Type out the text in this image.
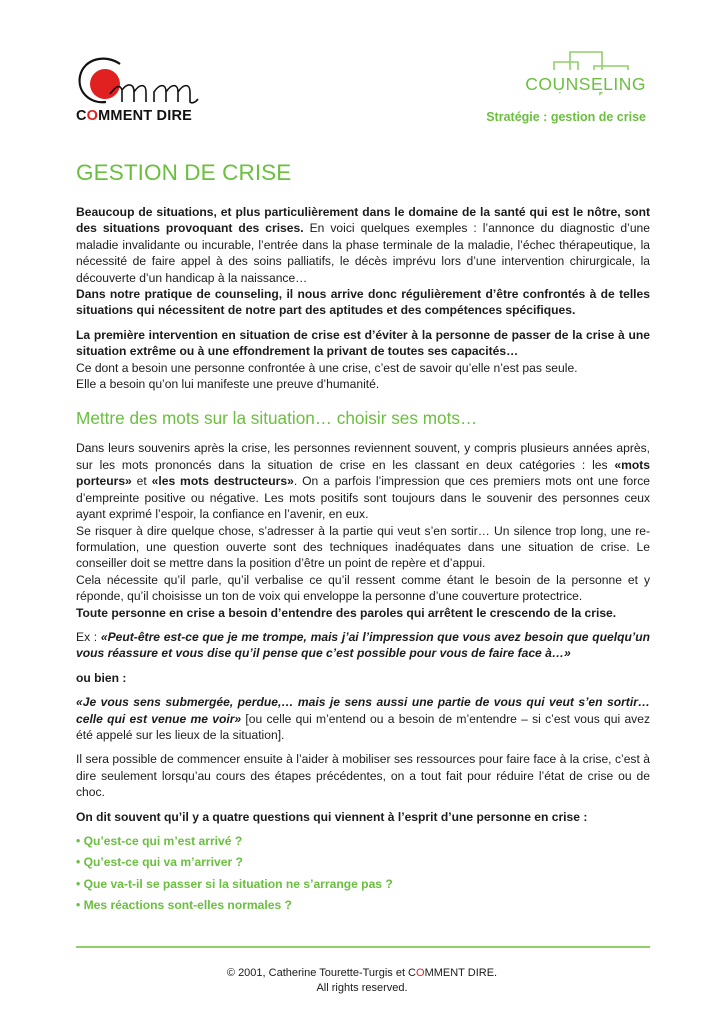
COMMENT DIRE
COUNSELING
Stratégie : gestion de crise
GESTION DE CRISE

Beaucoup de situations, et plus particulièrement dans le domaine de la santé qui est le nôtre, sont des situations provoquant des crises. En voici quelques exemples : l’annonce du diagnostic d’une maladie invalidante ou incurable, l’entrée dans la phase terminale de la maladie, l’échec thérapeutique, la nécessité de faire appel à des soins palliatifs, le décès imprévu lors d’une intervention chirurgicale, la découverte d’un handicap à la naissance…

Dans notre pratique de counseling, il nous arrive donc régulièrement d’être confrontés à de telles situations qui nécessitent de notre part des aptitudes et des compétences spécifiques.

La première intervention en situation de crise est d’éviter à la personne de passer de la crise à une situation extrême ou à une effondrement la privant de toutes ses capacités…

Ce dont a besoin une personne confrontée à une crise, c’est de savoir qu’elle n’est pas seule.

Elle a besoin qu’on lui manifeste une preuve d’humanité.

Mettre des mots sur la situation… choisir ses mots…

Dans leurs souvenirs après la crise, les personnes reviennent souvent, y compris plusieurs années après, sur les mots prononcés dans la situation de crise en les classant en deux catégories : les «mots porteurs» et «les mots destructeurs». On a parfois l’impression que ces premiers mots ont une force d’empreinte positive ou négative. Les mots positifs sont toujours dans le souvenir des personnes ceux ayant exprimé l’espoir, la confiance en l’avenir, en eux.

Se risquer à dire quelque chose, s’adresser à la partie qui veut s’en sortir… Un silence trop long, une re-formulation, une question ouverte sont des techniques inadéquates dans une situation de crise. Le conseiller doit se mettre dans la position d’être un point de repère et d’appui.

Cela nécessite qu’il parle, qu’il verbalise ce qu’il ressent comme étant le besoin de la personne et y réponde, qu’il choisisse un ton de voix qui enveloppe la personne d’une couverture protectrice.

Toute personne en crise a besoin d’entendre des paroles qui arrêtent le crescendo de la crise.

Ex : «Peut-être est-ce que je me trompe, mais j’ai l’impression que vous avez besoin que quelqu’un vous réassure et vous dise qu’il pense que c’est possible pour vous de faire face à…»

ou bien :

«Je vous sens submergée, perdue,… mais je sens aussi une partie de vous qui veut s’en sortir… celle qui est venue me voir» [ou celle qui m’entend ou a besoin de m’entendre – si c’est vous qui avez été appelé sur les lieux de la situation].

Il sera possible de commencer ensuite à l’aider à mobiliser ses ressources pour faire face à la crise, c’est à dire seulement lorsqu’au cours des étapes précédentes, on a tout fait pour réduire l’état de crise ou de choc.

On dit souvent qu’il y a quatre questions qui viennent à l’esprit d’une personne en crise :

• Qu’est-ce qui m’est arrivé ?
• Qu’est-ce qui va m’arriver ?
• Que va-t-il se passer si la situation ne s’arrange pas ?
• Mes réactions sont-elles normales ?
© 2001, Catherine Tourette-Turgis et COMMENT DIRE.
All rights reserved.
